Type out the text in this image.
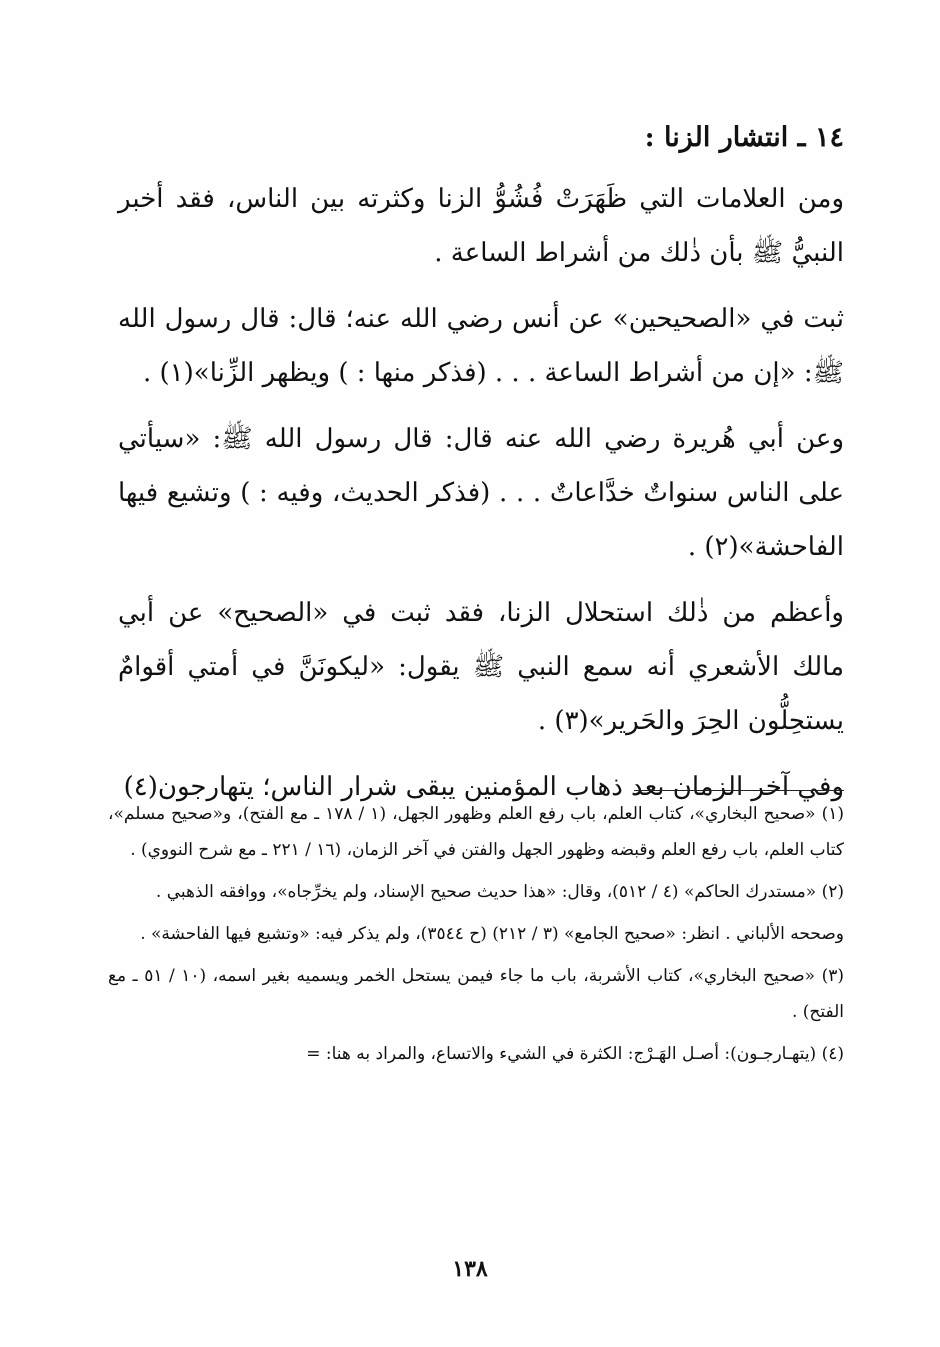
١٤ ـ انتشار الزنا :

ومن العلامات التي ظَهَرَتْ فُشُوُّ الزنا وكثرته بين الناس، فقد أخبر النبيُّ ﷺ بأن ذٰلك من أشراط الساعة .

ثبت في «الصحيحين» عن أنس رضي الله عنه؛ قال: قال رسول الله ﷺ: «إن من أشراط الساعة . . . (فذكر منها : ) ويظهر الزِّنا»(١) .

وعن أبي هُريرة رضي الله عنه قال: قال رسول الله ﷺ: «سيأتي على الناس سنواتٌ خدَّاعاتٌ . . . (فذكر الحديث، وفيه : ) وتشيع فيها الفاحشة»(٢) .

وأعظم من ذٰلك استحلال الزنا، فقد ثبت في «الصحيح» عن أبي مالك الأشعري أنه سمع النبي ﷺ يقول: «ليكونَنَّ في أمتي أقوامٌ يستحِلُّون الحِرَ والحَرير»(٣) .

وفي آخر الزمان بعد ذهاب المؤمنين يبقى شرار الناس؛ يتهارجون(٤)

(١) «صحيح البخاري»، كتاب العلم، باب رفع العلم وظهور الجهل، (١ / ١٧٨ ـ مع الفتح)، و«صحيح مسلم»، كتاب العلم، باب رفع العلم وقبضه وظهور الجهل والفتن في آخر الزمان، (١٦ / ٢٢١ ـ مع شرح النووي) .

(٢) «مستدرك الحاكم» (٤ / ٥١٢)، وقال: «هذا حديث صحيح الإسناد، ولم يخرِّجاه»، ووافقه الذهبي .

وصححه الألباني . انظر: «صحيح الجامع» (٣ / ٢١٢) (ح ٣٥٤٤)، ولم يذكر فيه: «وتشيع فيها الفاحشة» .

(٣) «صحيح البخاري»، كتاب الأشربة، باب ما جاء فيمن يستحل الخمر ويسميه بغير اسمه، (١٠ / ٥١ ـ مع الفتح) .

(٤) (يتهـارجـون): أصـل الهَـرْج: الكثرة في الشيء والاتساع، والمراد به هنا: =

١٣٨
